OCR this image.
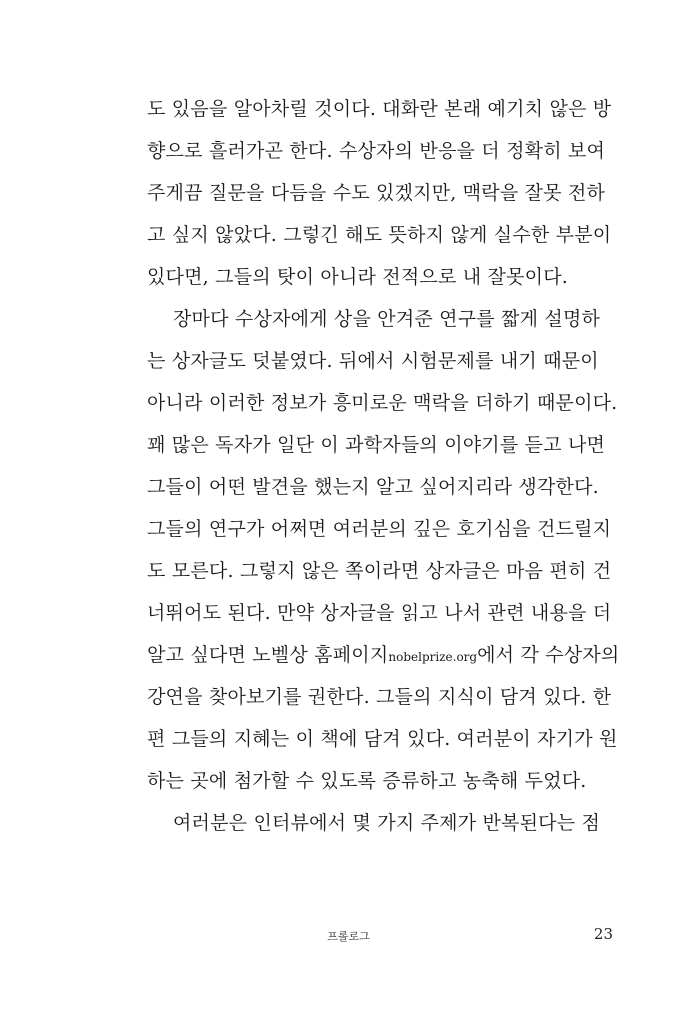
도 있음을 알아차릴 것이다. 대화란 본래 예기치 않은 방
향으로 흘러가곤 한다. 수상자의 반응을 더 정확히 보여
주게끔 질문을 다듬을 수도 있겠지만, 맥락을 잘못 전하
고 싶지 않았다. 그렇긴 해도 뜻하지 않게 실수한 부분이
있다면, 그들의 탓이 아니라 전적으로 내 잘못이다.
장마다 수상자에게 상을 안겨준 연구를 짧게 설명하
는 상자글도 덧붙였다. 뒤에서 시험문제를 내기 때문이
아니라 이러한 정보가 흥미로운 맥락을 더하기 때문이다.
꽤 많은 독자가 일단 이 과학자들의 이야기를 듣고 나면
그들이 어떤 발견을 했는지 알고 싶어지리라 생각한다.
그들의 연구가 어쩌면 여러분의 깊은 호기심을 건드릴지
도 모른다. 그렇지 않은 쪽이라면 상자글은 마음 편히 건
너뛰어도 된다. 만약 상자글을 읽고 나서 관련 내용을 더
알고 싶다면 노벨상 홈페이지nobelprize.org에서 각 수상자의
강연을 찾아보기를 권한다. 그들의 지식이 담겨 있다. 한
편 그들의 지혜는 이 책에 담겨 있다. 여러분이 자기가 원
하는 곳에 첨가할 수 있도록 증류하고 농축해 두었다.
여러분은 인터뷰에서 몇 가지 주제가 반복된다는 점
프롤로그	23
